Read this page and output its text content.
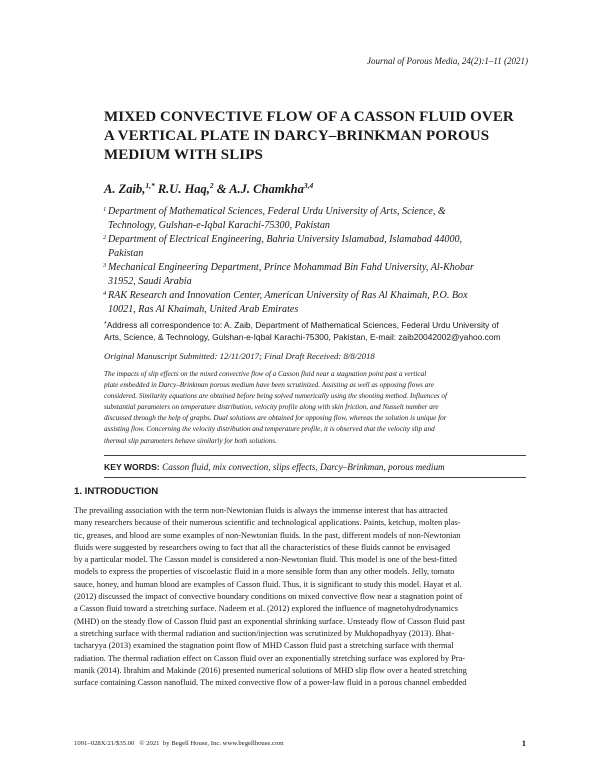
Journal of Porous Media, 24(2):1–11 (2021)
MIXED CONVECTIVE FLOW OF A CASSON FLUID OVER A VERTICAL PLATE IN DARCY–BRINKMAN POROUS MEDIUM WITH SLIPS
A. Zaib,$^{1,*}$ R.U. Haq,$^2$ & A.J. Chamkha$^{3,4}$

1 Department of Mathematical Sciences, Federal Urdu University of Arts, Science, &
Technology, Gulshan-e-Iqbal Karachi-75300, Pakistan

2 Department of Electrical Engineering, Bahria University Islamabad, Islamabad 44000,
Pakistan

3 Mechanical Engineering Department, Prince Mohammad Bin Fahd University, Al-Khobar
31952, Saudi Arabia

4 RAK Research and Innovation Center, American University of Ras Al Khaimah, P.O. Box
10021, Ras Al Khaimah, United Arab Emirates

*Address all correspondence to: A. Zaib, Department of Mathematical Sciences, Federal Urdu University of
Arts, Science, & Technology, Gulshan-e-Iqbal Karachi-75300, Pakistan, E-mail: zaib20042002@yahoo.com
Original Manuscript Submitted: 12/11/2017; Final Draft Received: 8/8/2018

The impacts of slip effects on the mixed convective flow of a Casson fluid near a stagnation point past a vertical
plate embedded in Darcy–Brinkman porous medium have been scrutinized. Assisting as well as opposing flows are
considered. Similarity equations are obtained before being solved numerically using the shooting method. Influences of
substantial parameters on temperature distribution, velocity profile along with skin friction, and Nusselt number are
discussed through the help of graphs. Dual solutions are obtained for opposing flow, whereas the solution is unique for
assisting flow. Concerning the velocity distribution and temperature profile, it is observed that the velocity slip and
thermal slip parameters behave similarly for both solutions.

KEY WORDS: Casson fluid, mix convection, slips effects, Darcy–Brinkman, porous medium
1. INTRODUCTION

The prevailing association with the term non-Newtonian fluids is always the immense interest that has attracted
many researchers because of their numerous scientific and technological applications. Paints, ketchup, molten plas-
tic, greases, and blood are some examples of non-Newtonian fluids. In the past, different models of non-Newtonian
fluids were suggested by researchers owing to fact that all the characteristics of these fluids cannot be envisaged
by a particular model. The Casson model is considered a non-Newtonian fluid. This model is one of the best-fitted
models to express the properties of viscoelastic fluid in a more sensible form than any other models. Jelly, tomato
sauce, honey, and human blood are examples of Casson fluid. Thus, it is significant to study this model. Hayat et al.
(2012) discussed the impact of convective boundary conditions on mixed convective flow near a stagnation point of
a Casson fluid toward a stretching surface. Nadeem et al. (2012) explored the influence of magnetohydrodynamics
(MHD) on the steady flow of Casson fluid past an exponential shrinking surface. Unsteady flow of Casson fluid past
a stretching surface with thermal radiation and suction/injection was scrutinized by Mukhopadhyay (2013). Bhat-
tacharyya (2013) examined the stagnation point flow of MHD Casson fluid past a stretching surface with thermal
radiation. The thermal radiation effect on Casson fluid over an exponentially stretching surface was explored by Pra-
manik (2014). Ibrahim and Makinde (2016) presented numerical solutions of MHD slip flow over a heated stretching
surface containing Casson nanofluid. The mixed convective flow of a power-law fluid in a porous channel embedded

1091–028X/21/$35.00   © 2021  by Begell House, Inc. www.begellhouse.com	1
